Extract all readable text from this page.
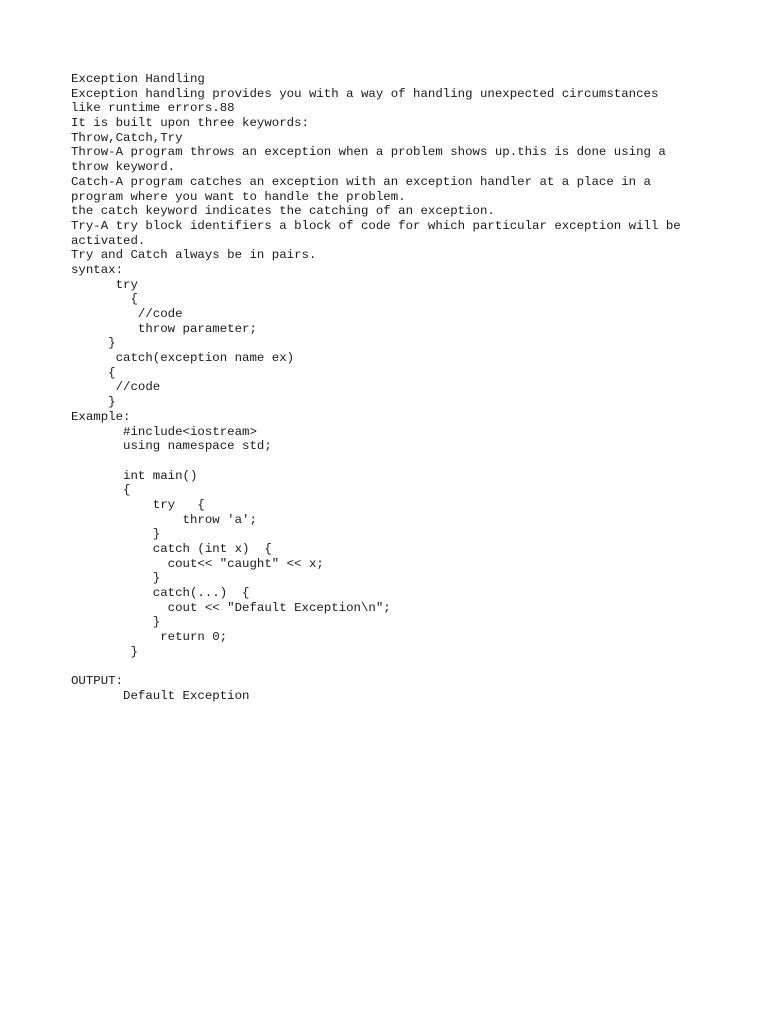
Exception Handling
Exception handling provides you with a way of handling unexpected circumstances
like runtime errors.88
It is built upon three keywords:
Throw,Catch,Try
Throw-A program throws an exception when a problem shows up.this is done using a
throw keyword.
Catch-A program catches an exception with an exception handler at a place in a
program where you want to handle the problem.
the catch keyword indicates the catching of an exception.
Try-A try block identifiers a block of code for which particular exception will be
activated.
Try and Catch always be in pairs.
syntax:
try
{
//code
throw parameter;
}
catch(exception name ex)
{
//code
}
Example:
#include<iostream>
using namespace std;
int main()
{
try   {
throw 'a';
}
catch (int x)  {
cout<< "caught" << x;
}
catch(...)  {
cout << "Default Exception\n";
}
return 0;
}
OUTPUT:
Default Exception
